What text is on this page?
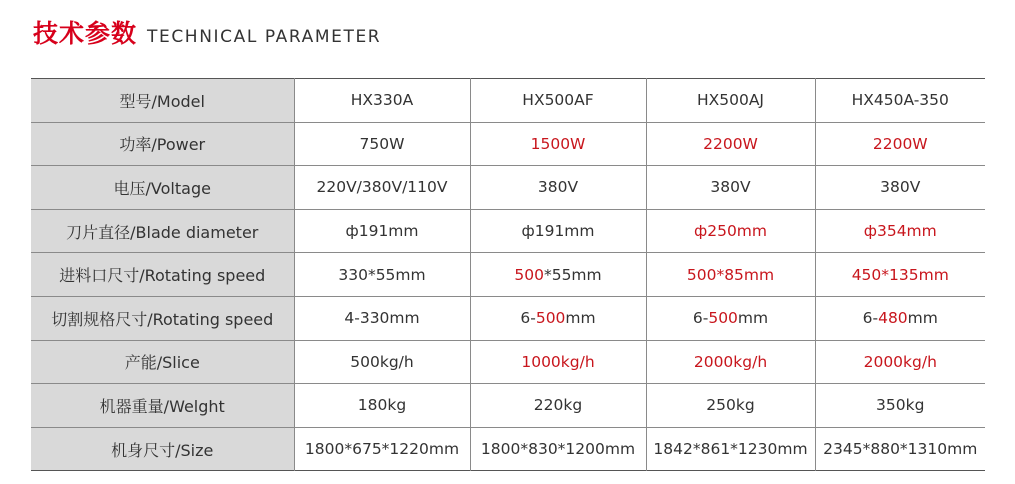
技术参数 TECHNICAL PARAMETER
型号/Model	HX330A	HX500AF	HX500AJ	HX450A-350
功率/Power	750W	1500W	2200W	2200W
电压/Voltage	220V/380V/110V	380V	380V	380V
刀片直径/Blade diameter	ф191mm	ф191mm	ф250mm	ф354mm
进料口尺寸/Rotating speed	330*55mm	500*55mm	500*85mm	450*135mm
切割规格尺寸/Rotating speed	4-330mm	6-500mm	6-500mm	6-480mm
产能/Slice	500kg/h	1000kg/h	2000kg/h	2000kg/h
机器重量/Welght	180kg	220kg	250kg	350kg
机身尺寸/Size	1800*675*1220mm	1800*830*1200mm	1842*861*1230mm	2345*880*1310mm
